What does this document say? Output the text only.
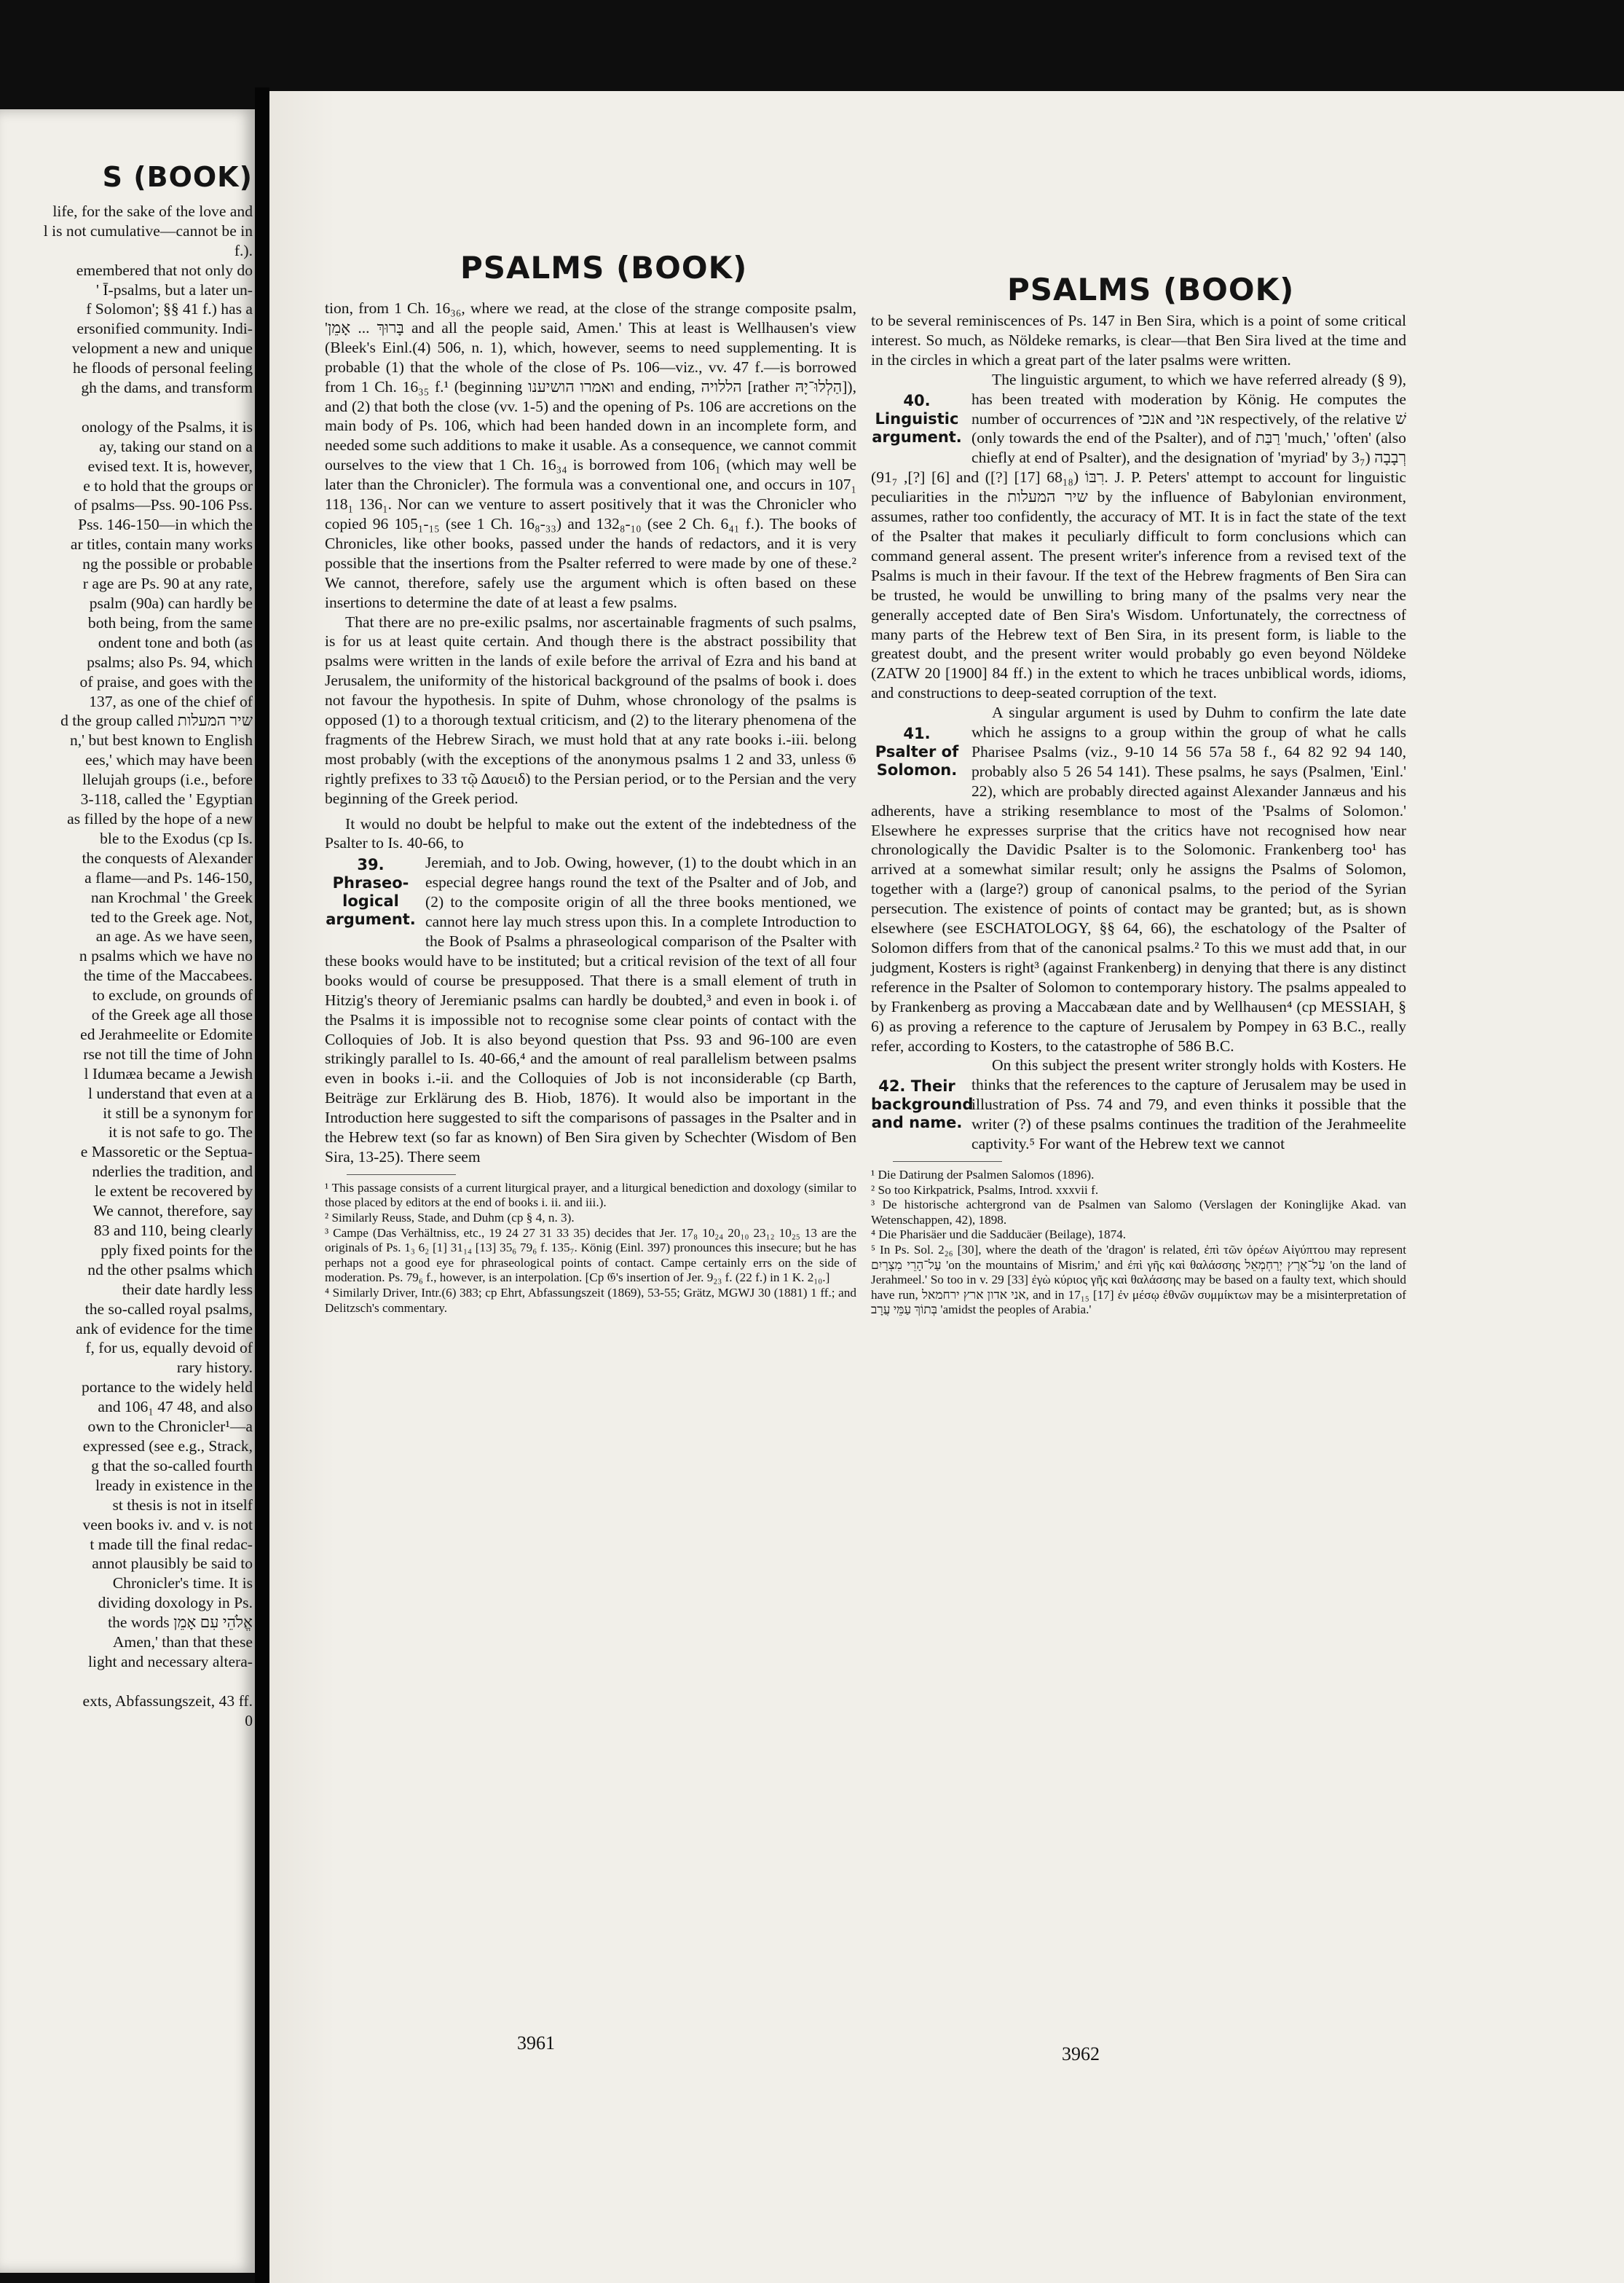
S (BOOK)
life, for the sake of the love and
l is not cumulative—cannot be in
f.).
emembered that not only do
' Ī-psalms, but a later un-
f Solomon'; §§ 41 f.) has a
ersonified community. Indi-
velopment a new and unique
he floods of personal feeling
gh the dams, and transform
onology of the Psalms, it is
ay, taking our stand on a
evised text. It is, however,
e to hold that the groups or
of psalms—Pss. 90-106 Pss.
Pss. 146-150—in which the
ar titles, contain many works
ng the possible or probable
r age are Ps. 90 at any rate,
psalm (90a) can hardly be
both being, from the same
ondent tone and both (as
psalms; also Ps. 94, which
of praise, and goes with the
137, as one of the chief of
d the group called שיר המעלות
n,' but best known to English
ees,' which may have been
llelujah groups (i.e., before
3-118, called the ' Egyptian
as filled by the hope of a new
ble to the Exodus (cp Is.
the conquests of Alexander
a flame—and Ps. 146-150,
nan Krochmal ' the Greek
ted to the Greek age. Not,
an age. As we have seen,
n psalms which we have no
the time of the Maccabees.
to exclude, on grounds of
of the Greek age all those
ed Jerahmeelite or Edomite
rse not till the time of John
l Idumæa became a Jewish
l understand that even at a
it still be a synonym for
it is not safe to go. The
e Massoretic or the Septua-
nderlies the tradition, and
le extent be recovered by
We cannot, therefore, say
83 and 110, being clearly
pply fixed points for the
nd the other psalms which
their date hardly less
the so-called royal psalms,
ank of evidence for the time
f, for us, equally devoid of
rary history.
portance to the widely held
and 106₁ 47 48, and also
own to the Chronicler¹—a
expressed (see e.g., Strack,
g that the so-called fourth
lready in existence in the
st thesis is not in itself
veen books iv. and v. is not
t made till the final redac-
annot plausibly be said to
Chronicler's time. It is
dividing doxology in Ps.
the words אֱלֹהֵי עִם אָמֵן
Amen,' than that these
light and necessary altera-
exts, Abfassungszeit, 43 ff.
0
PSALMS (BOOK)
PSALMS (BOOK)

tion, from 1 Ch. 16₃₆, where we read, at the close of the strange composite psalm, 'בָּרוּךְ ... אָמֵן and all the people said, Amen.' This at least is Wellhausen's view (Bleek's Einl.(4) 506, n. 1), which, however, seems to need supplementing. It is probable (1) that the whole of the close of Ps. 106—viz., vv. 47 f.—is borrowed from 1 Ch. 16₃₅ f.¹ (beginning ואמרו הושיענו and ending, הללויה [rather הַלְלוּ־יָהּ]), and (2) that both the close (vv. 1-5) and the opening of Ps. 106 are accretions on the main body of Ps. 106, which had been handed down in an incomplete form, and needed some such additions to make it usable. As a consequence, we cannot commit ourselves to the view that 1 Ch. 16₃₄ is borrowed from 106₁ (which may well be later than the Chronicler). The formula was a conventional one, and occurs in 107₁ 118₁ 136₁. Nor can we venture to assert positively that it was the Chronicler who copied 96 105₁-₁₅ (see 1 Ch. 16₈-₃₃) and 132₈-₁₀ (see 2 Ch. 6₄₁ f.). The books of Chronicles, like other books, passed under the hands of redactors, and it is very possible that the insertions from the Psalter referred to were made by one of these.² We cannot, therefore, safely use the argument which is often based on these insertions to determine the date of at least a few psalms.

That there are no pre-exilic psalms, nor ascertainable fragments of such psalms, is for us at least quite certain. And though there is the abstract possibility that psalms were written in the lands of exile before the arrival of Ezra and his band at Jerusalem, the uniformity of the historical background of the psalms of book i. does not favour the hypothesis. In spite of Duhm, whose chronology of the psalms is opposed (1) to a thorough textual criticism, and (2) to the literary phenomena of the fragments of the Hebrew Sirach, we must hold that at any rate books i.-iii. belong most probably (with the exceptions of the anonymous psalms 1 2 and 33, unless 𝔊 rightly prefixes to 33 τῷ Δαυειδ) to the Persian period, or to the Persian and the very beginning of the Greek period.

It would no doubt be helpful to make out the extent of the indebtedness of the Psalter to Is. 40-66, to

39. Phraseo-logical argument.

Jeremiah, and to Job. Owing, however, (1) to the doubt which in an especial degree hangs round the text of the Psalter and of Job, and (2) to the composite origin of all the three books mentioned, we cannot here lay much stress upon this. In a complete Introduction to the Book of Psalms a phraseological comparison of the Psalter with these books would have to be instituted; but a critical revision of the text of all four books would of course be presupposed. That there is a small element of truth in Hitzig's theory of Jeremianic psalms can hardly be doubted,³ and even in book i. of the Psalms it is impossible not to recognise some clear points of contact with the Colloquies of Job. It is also beyond question that Pss. 93 and 96-100 are even strikingly parallel to Is. 40-66,⁴ and the amount of real parallelism between psalms even in books i.-ii. and the Colloquies of Job is not inconsiderable (cp Barth, Beiträge zur Erklärung des B. Hiob, 1876). It would also be important in the Introduction here suggested to sift the comparisons of passages in the Psalter and in the Hebrew text (so far as known) of Ben Sira given by Schechter (Wisdom of Ben Sira, 13-25). There seem

¹ This passage consists of a current liturgical prayer, and a liturgical benediction and doxology (similar to those placed by editors at the end of books i. ii. and iii.).

² Similarly Reuss, Stade, and Duhm (cp § 4, n. 3).

³ Campe (Das Verhältniss, etc., 19 24 27 31 33 35) decides that Jer. 17₈ 10₂₄ 20₁₀ 23₁₂ 10₂₅ 13 are the originals of Ps. 1₃ 6₂ [1] 31₁₄ [13] 35₆ 79₆ f. 135₇. König (Einl. 397) pronounces this insecure; but he has perhaps not a good eye for phraseological points of contact. Campe certainly errs on the side of moderation. Ps. 79₆ f., however, is an interpolation. [Cp 𝔊's insertion of Jer. 9₂₃ f. (22 f.) in 1 K. 2₁₀.]

⁴ Similarly Driver, Intr.(6) 383; cp Ehrt, Abfassungszeit (1869), 53-55; Grätz, MGWJ 30 (1881) 1 ff.; and Delitzsch's commentary.

to be several reminiscences of Ps. 147 in Ben Sira, which is a point of some critical interest. So much, as Nöldeke remarks, is clear—that Ben Sira lived at the time and in the circles in which a great part of the later psalms were written.

40. Linguistic argument.

The linguistic argument, to which we have referred already (§ 9), has been treated with moderation by König. He computes the number of occurrences of אנכי and אני respectively, of the relative שׁ (only towards the end of the Psalter), and of רַבַּת 'much,' 'often' (also chiefly at end of Psalter), and the designation of 'myriad' by רְבָבָה (3₇ [6] [?], 91₇) and רִבּוֹ (68₁₈ [17] [?]). J. P. Peters' attempt to account for linguistic peculiarities in the שיר המעלות by the influence of Babylonian environment, assumes, rather too confidently, the accuracy of MT. It is in fact the state of the text of the Psalter that makes it peculiarly difficult to form conclusions which can command general assent. The present writer's inference from a revised text of the Psalms is much in their favour. If the text of the Hebrew fragments of Ben Sira can be trusted, he would be unwilling to bring many of the psalms very near the generally accepted date of Ben Sira's Wisdom. Unfortunately, the correctness of many parts of the Hebrew text of Ben Sira, in its present form, is liable to the greatest doubt, and the present writer would probably go even beyond Nöldeke (ZATW 20 [1900] 84 ff.) in the extent to which he traces unbiblical words, idioms, and constructions to deep-seated corruption of the text.

41. Psalter of Solomon.

A singular argument is used by Duhm to confirm the late date which he assigns to a group within the group of what he calls Pharisee Psalms (viz., 9-10 14 56 57a 58 f., 64 82 92 94 140, probably also 5 26 54 141). These psalms, he says (Psalmen, 'Einl.' 22), which are probably directed against Alexander Jannæus and his adherents, have a striking resemblance to most of the 'Psalms of Solomon.' Elsewhere he expresses surprise that the critics have not recognised how near chronologically the Davidic Psalter is to the Solomonic. Frankenberg too¹ has arrived at a somewhat similar result; only he assigns the Psalms of Solomon, together with a (large?) group of canonical psalms, to the period of the Syrian persecution. The existence of points of contact may be granted; but, as is shown elsewhere (see ESCHATOLOGY, §§ 64, 66), the eschatology of the Psalter of Solomon differs from that of the canonical psalms.² To this we must add that, in our judgment, Kosters is right³ (against Frankenberg) in denying that there is any distinct reference in the Psalter of Solomon to contemporary history. The psalms appealed to by Frankenberg as proving a Maccabæan date and by Wellhausen⁴ (cp MESSIAH, § 6) as proving a reference to the capture of Jerusalem by Pompey in 63 B.C., really refer, according to Kosters, to the catastrophe of 586 B.C.

42. Their background and name.

On this subject the present writer strongly holds with Kosters. He thinks that the references to the capture of Jerusalem may be used in illustration of Pss. 74 and 79, and even thinks it possible that the writer (?) of these psalms continues the tradition of the Jerahmeelite captivity.⁵ For want of the Hebrew text we cannot

¹ Die Datirung der Psalmen Salomos (1896).

² So too Kirkpatrick, Psalms, Introd. xxxvii f.

³ De historische achtergrond van de Psalmen van Salomo (Verslagen der Koninglijke Akad. van Wetenschappen, 42), 1898.

⁴ Die Pharisäer und die Sadducäer (Beilage), 1874.

⁵ In Ps. Sol. 2₂₆ [30], where the death of the 'dragon' is related, ἐπὶ τῶν ὀρέων Αἰγύπτου may represent עַל־הָרֵי מִצְרַיִם 'on the mountains of Misrim,' and ἐπὶ γῆς καὶ θαλάσσης עַל־אֶרֶץ יְרַחְמְאֵל 'on the land of Jerahmeel.' So too in v. 29 [33] ἐγὼ κύριος γῆς καὶ θαλάσσης may be based on a faulty text, which should have run, אני אדון ארץ ירחמאל, and in 17₁₅ [17] ἐν μέσῳ ἐθνῶν συμμίκτων may be a misinterpretation of בְּתוֹךְ עַמֵּי עֲרָב 'amidst the peoples of Arabia.'

3961
3962
